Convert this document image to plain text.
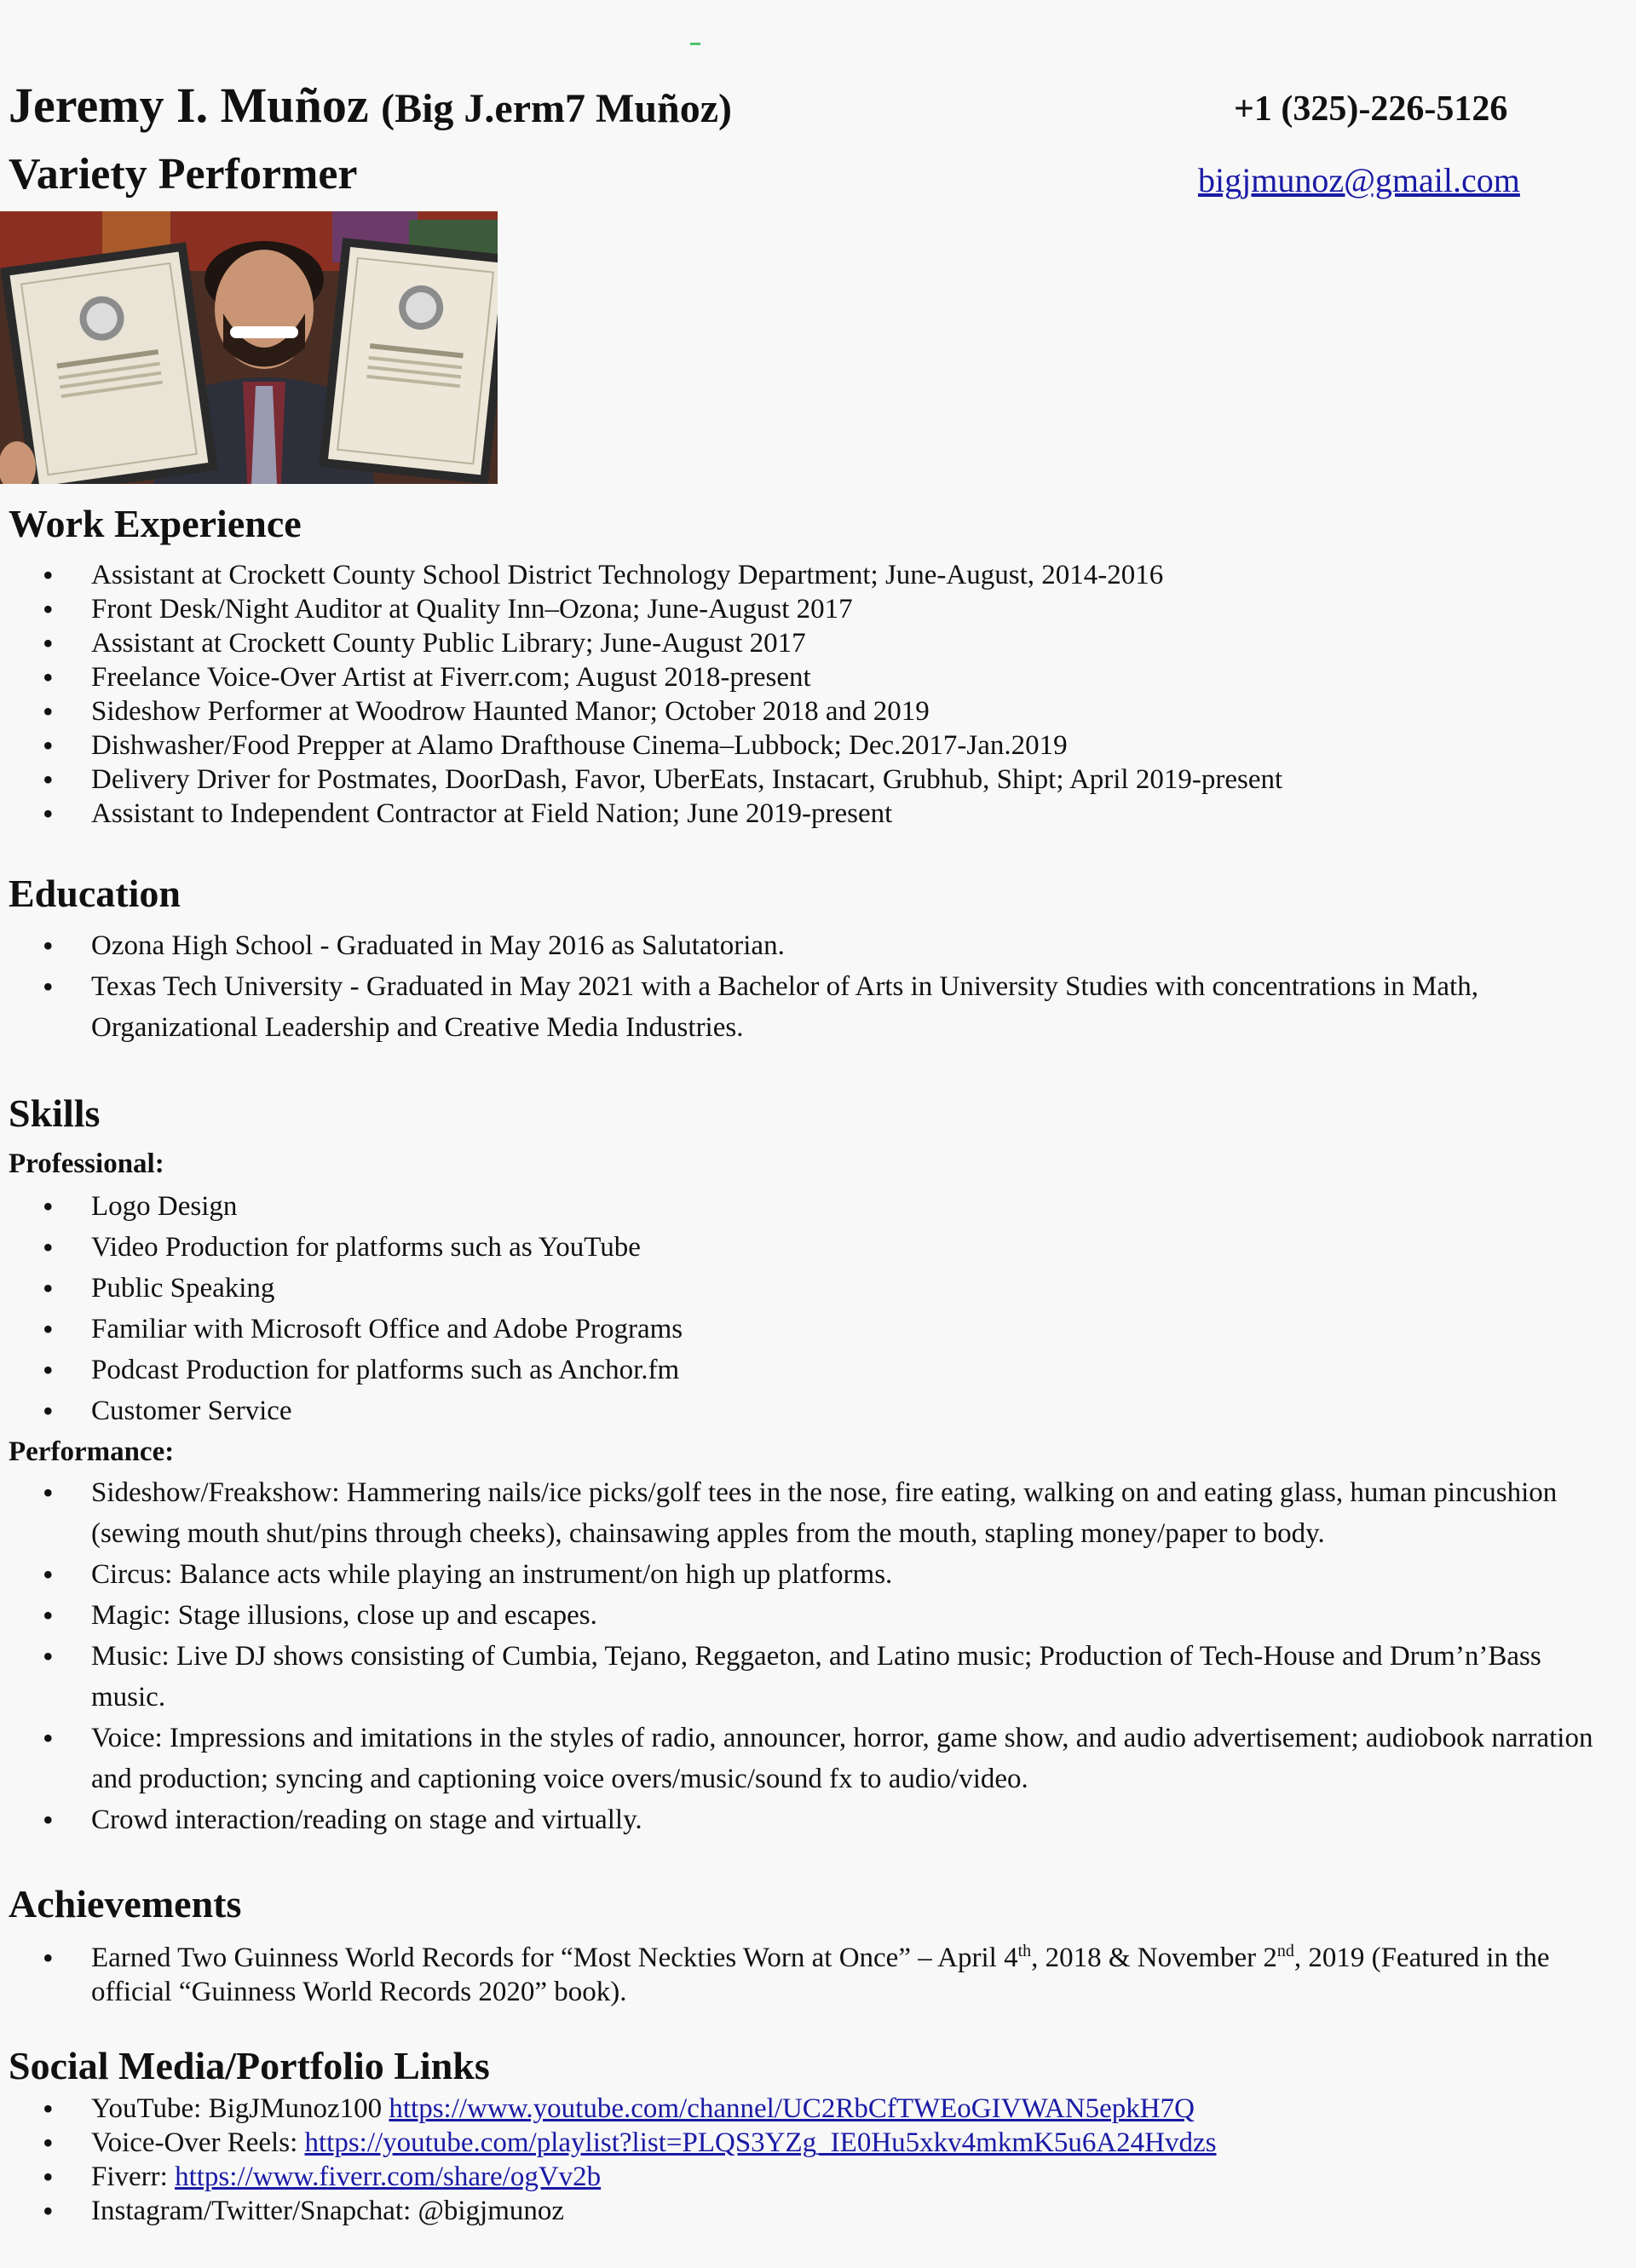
Jeremy I. Muñoz (Big J.erm7 Muñoz)
Variety Performer
+1 (325)-226-5126
bigjmunoz@gmail.com
Work Experience
• Assistant at Crockett County School District Technology Department; June-August, 2014-2016
• Front Desk/Night Auditor at Quality Inn–Ozona; June-August 2017
• Assistant at Crockett County Public Library; June-August 2017
• Freelance Voice-Over Artist at Fiverr.com; August 2018-present
• Sideshow Performer at Woodrow Haunted Manor; October 2018 and 2019
• Dishwasher/Food Prepper at Alamo Drafthouse Cinema–Lubbock; Dec.2017-Jan.2019
• Delivery Driver for Postmates, DoorDash, Favor, UberEats, Instacart, Grubhub, Shipt; April 2019-present
• Assistant to Independent Contractor at Field Nation; June 2019-present
Education
• Ozona High School - Graduated in May 2016 as Salutatorian.
• Texas Tech University - Graduated in May 2021 with a Bachelor of Arts in University Studies with concentrations in Math, Organizational Leadership and Creative Media Industries.
Skills
Professional:
• Logo Design
• Video Production for platforms such as YouTube
• Public Speaking
• Familiar with Microsoft Office and Adobe Programs
• Podcast Production for platforms such as Anchor.fm
• Customer Service
Performance:
• Sideshow/Freakshow: Hammering nails/ice picks/golf tees in the nose, fire eating, walking on and eating glass, human pincushion (sewing mouth shut/pins through cheeks), chainsawing apples from the mouth, stapling money/paper to body.
• Circus: Balance acts while playing an instrument/on high up platforms.
• Magic: Stage illusions, close up and escapes.
• Music: Live DJ shows consisting of Cumbia, Tejano, Reggaeton, and Latino music; Production of Tech-House and Drum’n’Bass music.
• Voice: Impressions and imitations in the styles of radio, announcer, horror, game show, and audio advertisement; audiobook narration and production; syncing and captioning voice overs/music/sound fx to audio/video.
• Crowd interaction/reading on stage and virtually.
Achievements
• Earned Two Guinness World Records for “Most Neckties Worn at Once” – April 4th, 2018 & November 2nd, 2019 (Featured in the official “Guinness World Records 2020” book).
Social Media/Portfolio Links
• YouTube: BigJMunoz100 https://www.youtube.com/channel/UC2RbCfTWEoGIVWAN5epkH7Q
• Voice-Over Reels: https://youtube.com/playlist?list=PLQS3YZg_IE0Hu5xkv4mkmK5u6A24Hvdzs
• Fiverr: https://www.fiverr.com/share/ogVv2b
• Instagram/Twitter/Snapchat: @bigjmunoz
